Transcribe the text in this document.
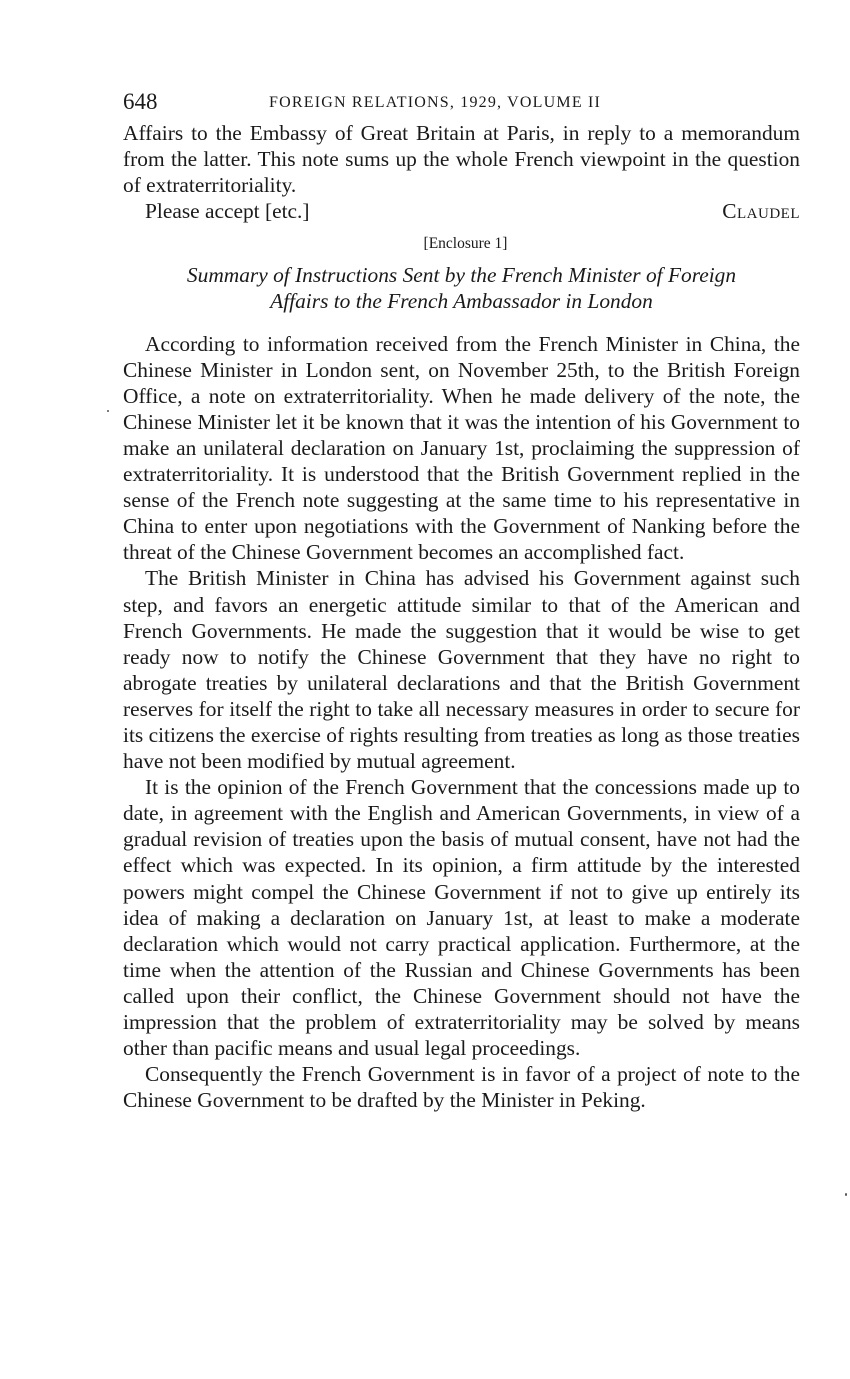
648	FOREIGN RELATIONS, 1929, VOLUME II

Affairs to the Embassy of Great Britain at Paris, in reply to a memorandum from the latter. This note sums up the whole French viewpoint in the question of extraterritoriality.

Please accept [etc.]	Claudel
[Enclosure 1]
Summary of Instructions Sent by the French Minister of Foreign
Affairs to the French Ambassador in London

According to information received from the French Minister in China, the Chinese Minister in London sent, on November 25th, to the British Foreign Office, a note on extraterritoriality. When he made delivery of the note, the Chinese Minister let it be known that it was the intention of his Government to make an unilateral declaration on January 1st, proclaiming the suppression of extraterritoriality. It is understood that the British Government replied in the sense of the French note suggesting at the same time to his representative in China to enter upon negotiations with the Government of Nanking before the threat of the Chinese Government becomes an accomplished fact.

The British Minister in China has advised his Government against such step, and favors an energetic attitude similar to that of the American and French Governments. He made the suggestion that it would be wise to get ready now to notify the Chinese Government that they have no right to abrogate treaties by unilateral declarations and that the British Government reserves for itself the right to take all necessary measures in order to secure for its citizens the exercise of rights resulting from treaties as long as those treaties have not been modified by mutual agreement.

It is the opinion of the French Government that the concessions made up to date, in agreement with the English and American Governments, in view of a gradual revision of treaties upon the basis of mutual consent, have not had the effect which was expected. In its opinion, a firm attitude by the interested powers might compel the Chinese Government if not to give up entirely its idea of making a declaration on January 1st, at least to make a moderate declaration which would not carry practical application. Furthermore, at the time when the attention of the Russian and Chinese Governments has been called upon their conflict, the Chinese Government should not have the impression that the problem of extraterritoriality may be solved by means other than pacific means and usual legal proceedings.

Consequently the French Government is in favor of a project of note to the Chinese Government to be drafted by the Minister in Peking.
